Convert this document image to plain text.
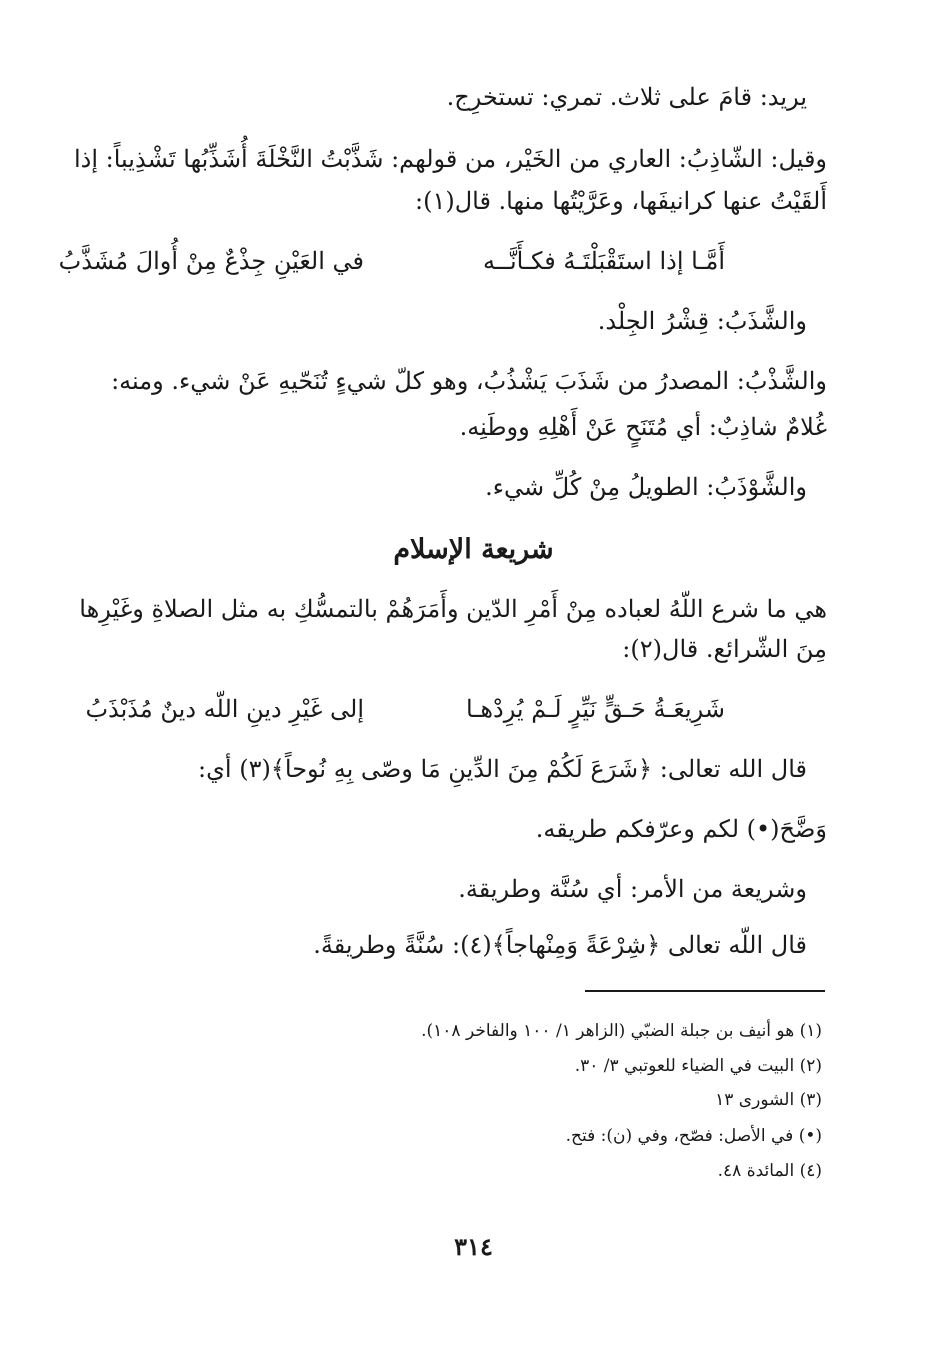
يريد: قامَ على ثلاث. تمري: تستخرِج.
وقيل: الشّاذِبُ: العاري من الخَيْر، من قولهم: شَذَّبْتُ النَّخْلَةَ أُشَذِّبُها تَشْذِيباً: إذا
أَلقَيْتُ عنها كرانيفَها، وعَرَّيْتُها منها. قال(١):
أَمَّـا إذا استَقْبَلْتَـهُ فكـأَنَّــه
في العَيْنِ جِذْعٌ مِنْ أُوالَ مُشَذَّبُ
والشَّذَبُ: قِشْرُ الجِلْد.
والشَّذْبُ: المصدرُ من شَذَبَ يَشْذُبُ، وهو كلّ شيءٍ تُنَحّيهِ عَنْ شيء. ومنه:
غُلامٌ شاذِبٌ: أي مُتَنَحٍ عَنْ أَهْلِهِ ووطَنِه.
والشَّوْذَبُ: الطويلُ مِنْ كُلِّ شيء.
شريعة الإسلام
هي ما شرع اللّهُ لعباده مِنْ أَمْرِ الدّين وأَمَرَهُمْ بالتمسُّكِ به مثل الصلاةِ وغَيْرِها
مِنَ الشّرائع. قال(٢):
شَرِيعَـةُ حَـقٍّ نَيِّرٍ لَـمْ يُرِدْهـا
إلى غَيْرِ دينِ اللّه دينٌ مُذَبْذَبُ
قال الله تعالى: ﴿شَرَعَ لَكُمْ مِنَ الدِّينِ مَا وصّى بِهِ نُوحاً﴾(٣) أي:
وَضَّحَ(•) لكم وعرّفكم طريقه.
وشريعة من الأمر: أي سُنَّة وطريقة.
قال اللّه تعالى ﴿شِرْعَةً وَمِنْهاجاً﴾(٤): سُنَّةً وطريقةً.
(١) هو أنيف بن جبلة الضبّي (الزاهر ١/ ١٠٠ والفاخر ١٠٨).
(٢) البيت في الضياء للعوتبي ٣/ ٣٠.
(٣) الشورى ١٣
(•) في الأصل: فصّح، وفي (ن): فتح.
(٤) المائدة ٤٨.
٣١٤
